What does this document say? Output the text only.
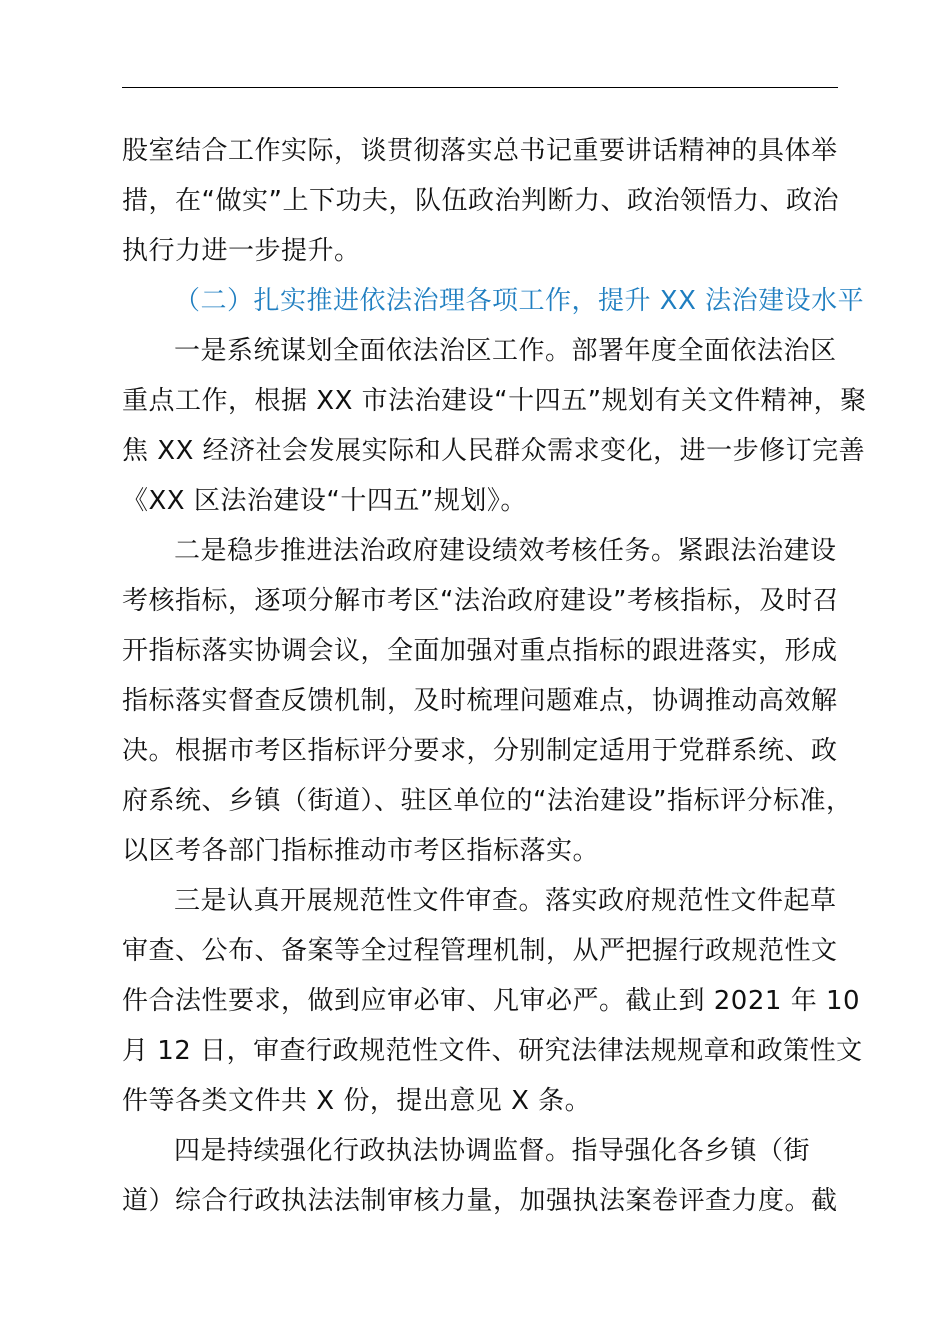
股室结合工作实际，谈贯彻落实总书记重要讲话精神的具体举
措，在“做实”上下功夫，队伍政治判断力、政治领悟力、政治
执行力进一步提升。
（二）扎实推进依法治理各项工作，提升 XX 法治建设水平
一是系统谋划全面依法治区工作。部署年度全面依法治区
重点工作，根据 XX 市法治建设“十四五”规划有关文件精神，聚
焦 XX 经济社会发展实际和人民群众需求变化，进一步修订完善
《XX 区法治建设“十四五”规划》。
二是稳步推进法治政府建设绩效考核任务。紧跟法治建设
考核指标，逐项分解市考区“法治政府建设”考核指标，及时召
开指标落实协调会议，全面加强对重点指标的跟进落实，形成
指标落实督查反馈机制，及时梳理问题难点，协调推动高效解
决。根据市考区指标评分要求，分别制定适用于党群系统、政
府系统、乡镇（街道）、驻区单位的“法治建设”指标评分标准，
以区考各部门指标推动市考区指标落实。
三是认真开展规范性文件审查。落实政府规范性文件起草
审查、公布、备案等全过程管理机制，从严把握行政规范性文
件合法性要求，做到应审必审、凡审必严。截止到 2021 年 10
月 12 日，审查行政规范性文件、研究法律法规规章和政策性文
件等各类文件共 X 份，提出意见 X 条。
四是持续强化行政执法协调监督。指导强化各乡镇（街
道）综合行政执法法制审核力量，加强执法案卷评查力度。截
